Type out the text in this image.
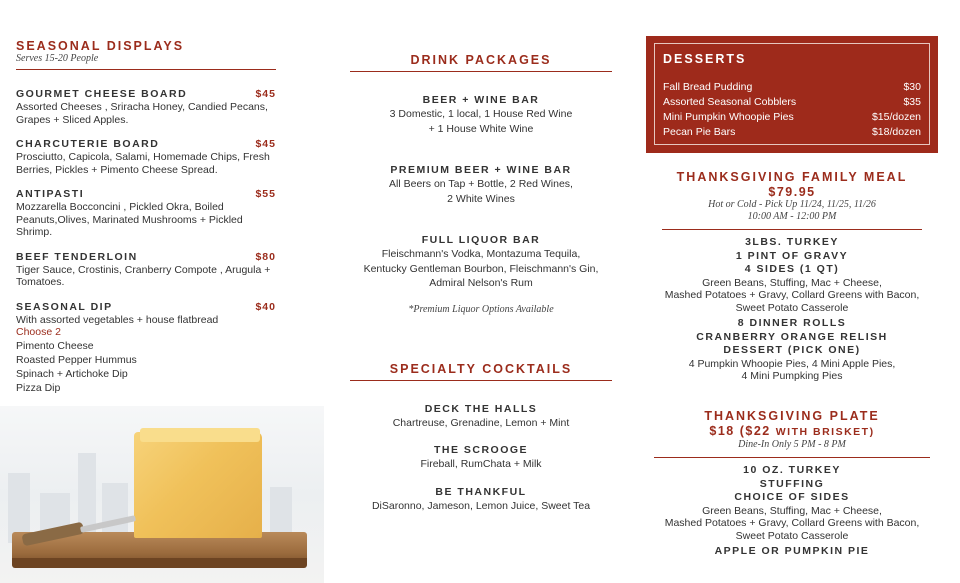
SEASONAL DISPLAYS
Serves 15-20 People
GOURMET CHEESE BOARD	$45
Assorted Cheeses , Sriracha Honey, Candied Pecans, Grapes + Sliced Apples.
CHARCUTERIE BOARD	$45
Prosciutto, Capicola, Salami, Homemade Chips, Fresh Berries, Pickles + Pimento Cheese Spread.
ANTIPASTI	$55
Mozzarella Bocconcini , Pickled Okra, Boiled Peanuts,Olives, Marinated Mushrooms + Pickled Shrimp.
BEEF TENDERLOIN	$80
Tiger Sauce, Crostinis, Cranberry Compote , Arugula + Tomatoes.
SEASONAL DIP	$40
With assorted vegetables + house flatbread
Choose 2
Pimento Cheese
Roasted Pepper Hummus
Spinach + Artichoke Dip
Pizza Dip
DRINK PACKAGES
BEER + WINE BAR
3 Domestic, 1 local, 1 House Red Wine
+ 1 House White Wine
PREMIUM BEER + WINE BAR
All Beers on Tap + Bottle, 2 Red Wines,
2 White Wines
FULL LIQUOR BAR
Fleischmann's Vodka, Montazuma Tequila,
Kentucky Gentleman Bourbon, Fleischmann's Gin,
Admiral Nelson's Rum
*Premium Liquor Options Available
SPECIALTY COCKTAILS
DECK THE HALLS
Chartreuse, Grenadine, Lemon + Mint
THE SCROOGE
Fireball, RumChata + Milk
BE THANKFUL
DiSaronno, Jameson, Lemon Juice, Sweet Tea
DESSERTS
Fall Bread Pudding	$30
Assorted Seasonal Cobblers	$35
Mini Pumpkin Whoopie Pies	$15/dozen
Pecan Pie Bars	$18/dozen
THANKSGIVING FAMILY MEAL
$79.95
Hot or Cold - Pick Up 11/24, 11/25, 11/26
10:00 AM - 12:00 PM
3LBS. TURKEY
1 PINT OF GRAVY
4 SIDES (1 QT)
Green Beans, Stuffing, Mac + Cheese,
Mashed Potatoes + Gravy, Collard Greens with Bacon,
Sweet Potato Casserole
8 DINNER ROLLS
CRANBERRY ORANGE RELISH
DESSERT (PICK ONE)
4 Pumpkin Whoopie Pies, 4 Mini Apple Pies,
4 Mini Pumpking Pies
THANKSGIVING PLATE
$18 ($22 WITH BRISKET)
Dine-In Only 5 PM - 8 PM
10 OZ. TURKEY
STUFFING
CHOICE OF SIDES
Green Beans, Stuffing, Mac + Cheese,
Mashed Potatoes + Gravy, Collard Greens with Bacon,
Sweet Potato Casserole
APPLE OR PUMPKIN PIE
